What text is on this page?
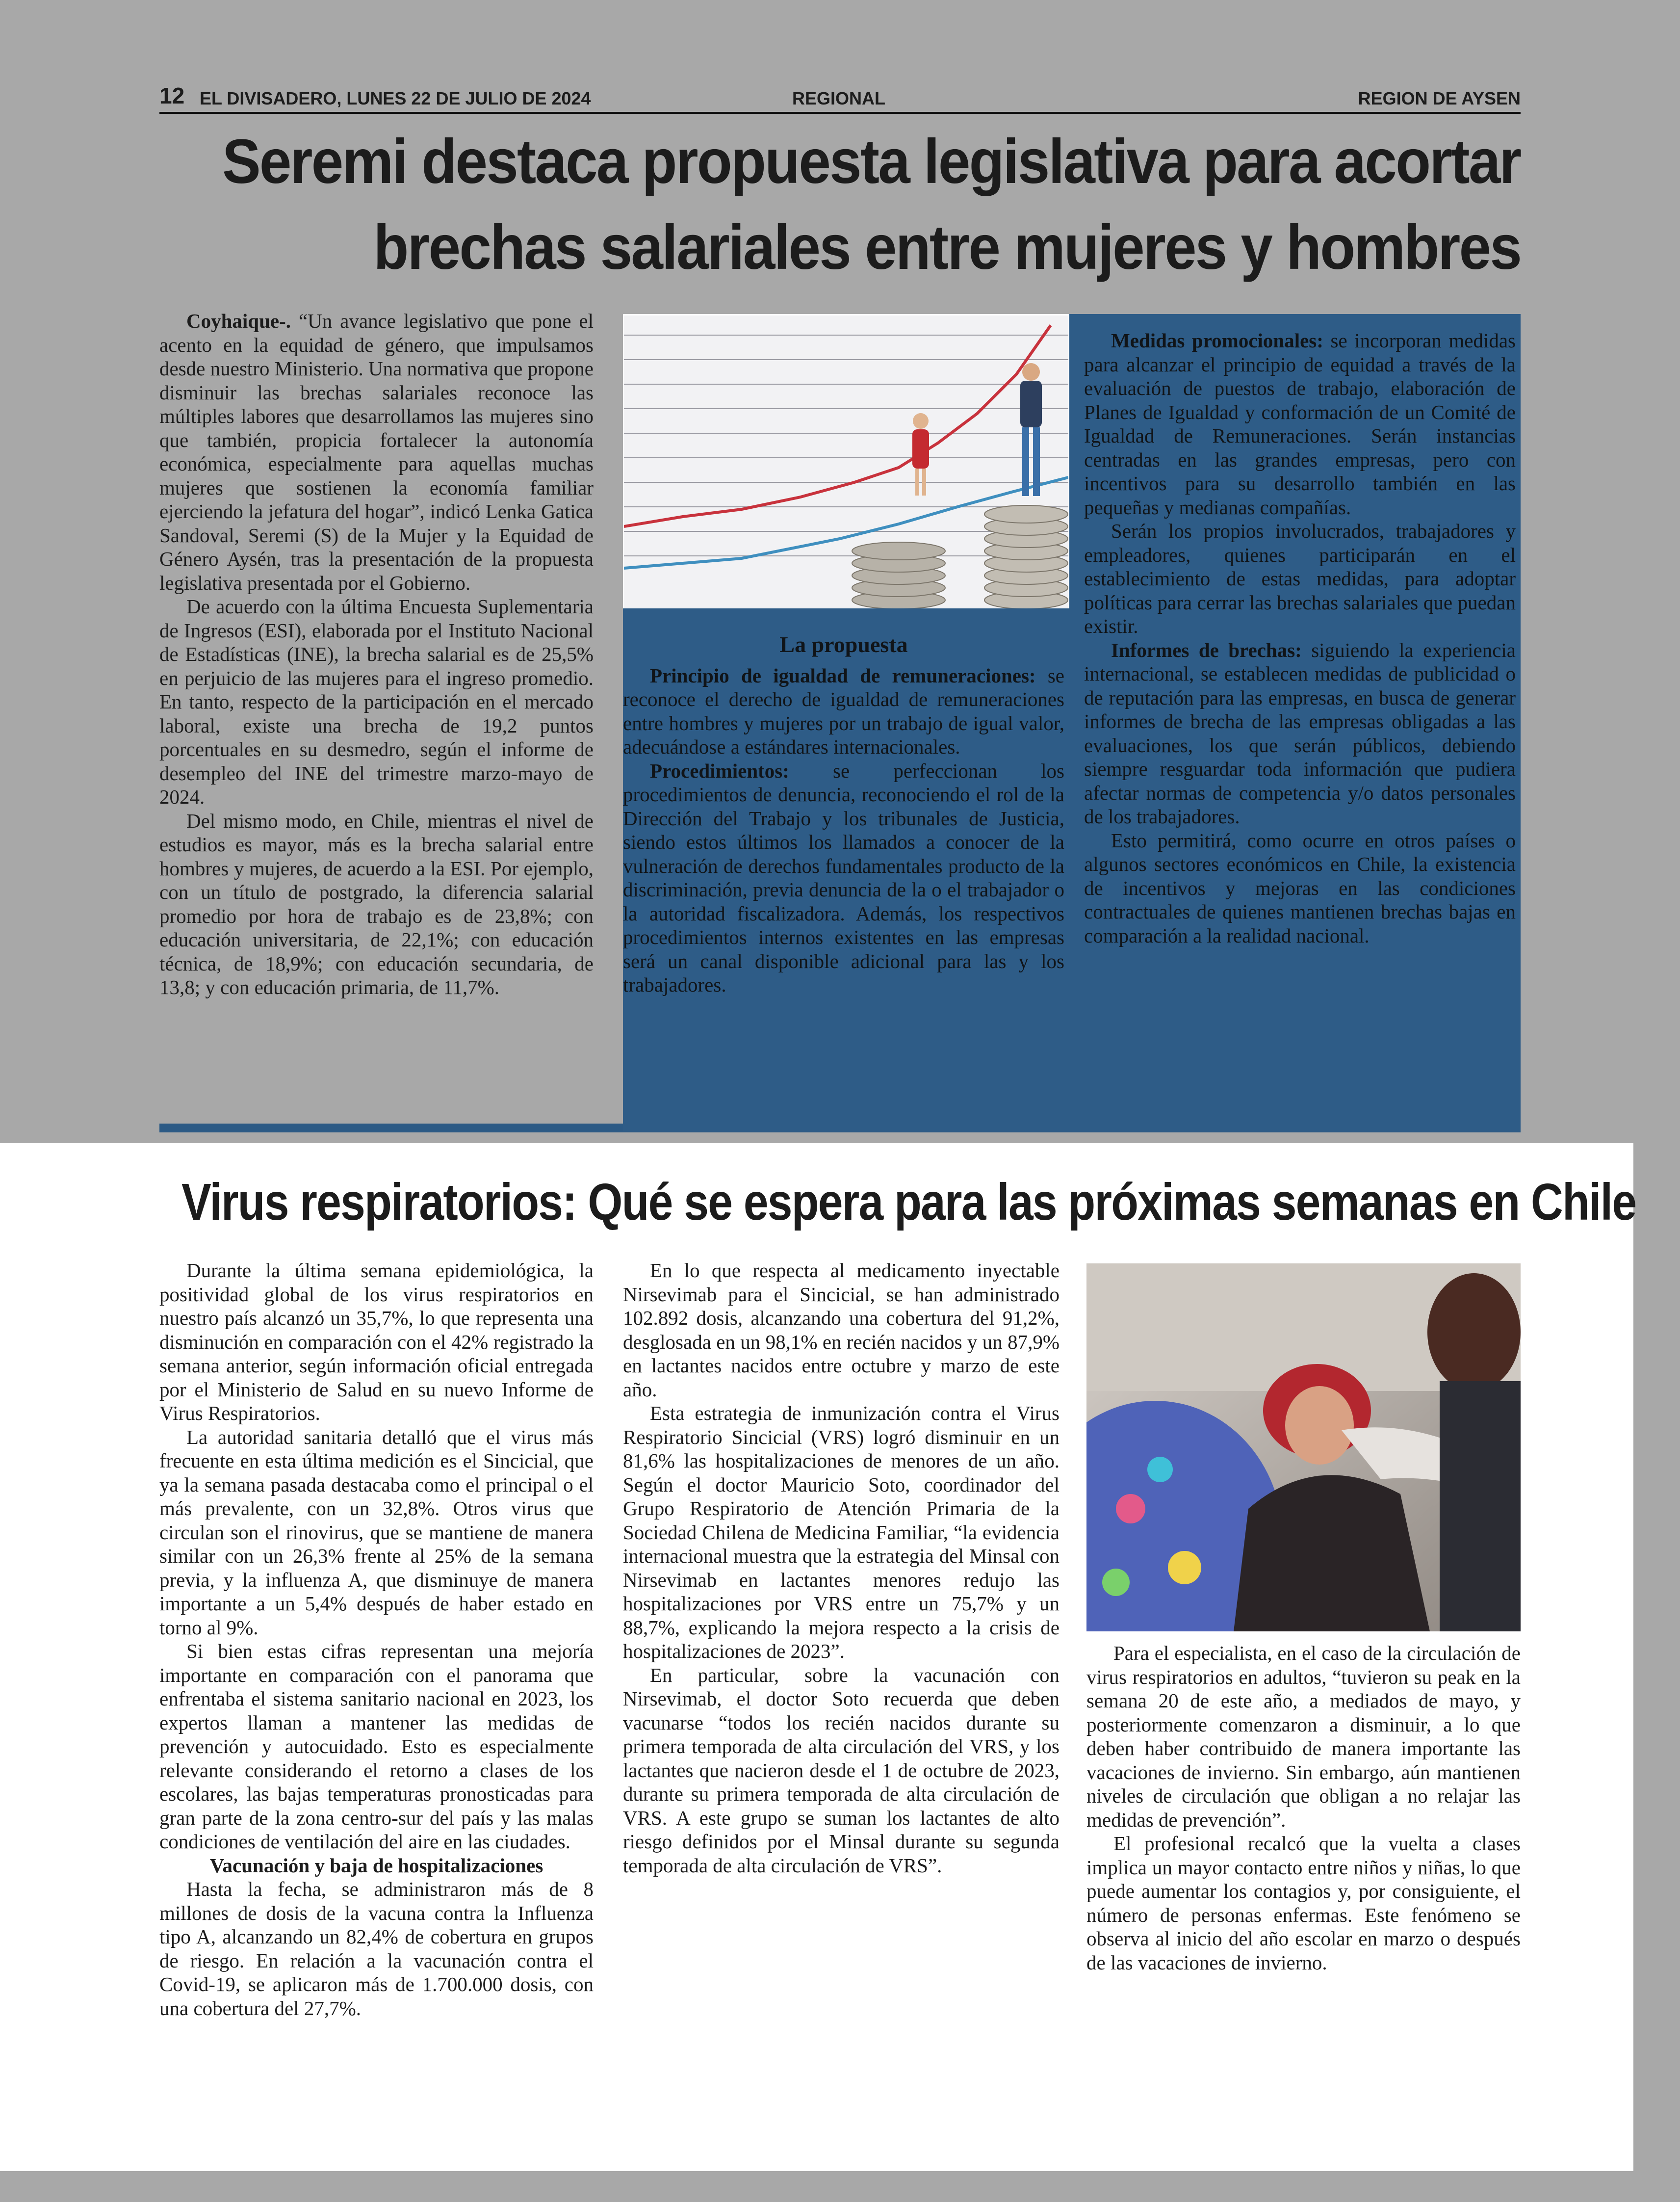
12 EL DIVISADERO, LUNES 22 DE JULIO DE 2024	REGIONAL	REGION DE AYSEN
Seremi destaca propuesta legislativa para acortar
brechas salariales entre mujeres y hombres

Coyhaique-. “Un avance legislativo que pone el acento en la equidad de género, que impulsamos desde nuestro Ministerio. Una normativa que propone disminuir las brechas salariales reconoce las múltiples labores que desarrollamos las mujeres sino que también, propicia fortalecer la autonomía económica, especialmente para aquellas muchas mujeres que sostienen la economía familiar ejerciendo la jefatura del hogar”, indicó Lenka Gatica Sandoval, Seremi (S) de la Mujer y la Equidad de Género Aysén, tras la presentación de la propuesta legislativa presentada por el Gobierno.

De acuerdo con la última Encuesta Suplementaria de Ingresos (ESI), elaborada por el Instituto Nacional de Estadísticas (INE), la brecha salarial es de 25,5% en perjuicio de las mujeres para el ingreso promedio. En tanto, respecto de la participación en el mercado laboral, existe una brecha de 19,2 puntos porcentuales en su desmedro, según el informe de desempleo del INE del trimestre marzo-mayo de 2024.

Del mismo modo, en Chile, mientras el nivel de estudios es mayor, más es la brecha salarial entre hombres y mujeres, de acuerdo a la ESI. Por ejemplo, con un título de postgrado, la diferencia salarial promedio por hora de trabajo es de 23,8%; con educación universitaria, de 22,1%; con educación técnica, de 18,9%; con educación secundaria, de 13,8; y con educación primaria, de 11,7%.

La propuesta

Principio de igualdad de remuneraciones: se reconoce el derecho de igualdad de remuneraciones entre hombres y mujeres por un trabajo de igual valor, adecuándose a estándares internacionales.

Procedimientos: se perfeccionan los procedimientos de denuncia, reconociendo el rol de la Dirección del Trabajo y los tribunales de Justicia, siendo estos últimos los llamados a conocer de la vulneración de derechos fundamentales producto de la discriminación, previa denuncia de la o el trabajador o la autoridad fiscalizadora. Además, los respectivos procedimientos internos existentes en las empresas será un canal disponible adicional para las y los trabajadores.

Medidas promocionales: se incorporan medidas para alcanzar el principio de equidad a través de la evaluación de puestos de trabajo, elaboración de Planes de Igualdad y conformación de un Comité de Igualdad de Remuneraciones. Serán instancias centradas en las grandes empresas, pero con incentivos para su desarrollo también en las pequeñas y medianas compañías.

Serán los propios involucrados, trabajadores y empleadores, quienes participarán en el establecimiento de estas medidas, para adoptar políticas para cerrar las brechas salariales que puedan existir.

Informes de brechas: siguiendo la experiencia internacional, se establecen medidas de publicidad o de reputación para las empresas, en busca de generar informes de brecha de las empresas obligadas a las evaluaciones, los que serán públicos, debiendo siempre resguardar toda información que pudiera afectar normas de competencia y/o datos personales de los trabajadores.

Esto permitirá, como ocurre en otros países o algunos sectores económicos en Chile, la existencia de incentivos y mejoras en las condiciones contractuales de quienes mantienen brechas bajas en comparación a la realidad nacional.

Virus respiratorios: Qué se espera para las próximas semanas en Chile

Durante la última semana epidemiológica, la positividad global de los virus respiratorios en nuestro país alcanzó un 35,7%, lo que representa una disminución en comparación con el 42% registrado la semana anterior, según información oficial entregada por el Ministerio de Salud en su nuevo Informe de Virus Respiratorios.

La autoridad sanitaria detalló que el virus más frecuente en esta última medición es el Sincicial, que ya la semana pasada destacaba como el principal o el más prevalente, con un 32,8%. Otros virus que circulan son el rinovirus, que se mantiene de manera similar con un 26,3% frente al 25% de la semana previa, y la influenza A, que disminuye de manera importante a un 5,4% después de haber estado en torno al 9%.

Si bien estas cifras representan una mejoría importante en comparación con el panorama que enfrentaba el sistema sanitario nacional en 2023, los expertos llaman a mantener las medidas de prevención y autocuidado. Esto es especialmente relevante considerando el retorno a clases de los escolares, las bajas temperaturas pronosticadas para gran parte de la zona centro-sur del país y las malas condiciones de ventilación del aire en las ciudades.

Vacunación y baja de hospitalizaciones

Hasta la fecha, se administraron más de 8 millones de dosis de la vacuna contra la Influenza tipo A, alcanzando un 82,4% de cobertura en grupos de riesgo. En relación a la vacunación contra el Covid-19, se aplicaron más de 1.700.000 dosis, con una cobertura del 27,7%.

En lo que respecta al medicamento inyectable Nirsevimab para el Sincicial, se han administrado 102.892 dosis, alcanzando una cobertura del 91,2%, desglosada en un 98,1% en recién nacidos y un 87,9% en lactantes nacidos entre octubre y marzo de este año.

Esta estrategia de inmunización contra el Virus Respiratorio Sincicial (VRS) logró disminuir en un 81,6% las hospitalizaciones de menores de un año. Según el doctor Mauricio Soto, coordinador del Grupo Respiratorio de Atención Primaria de la Sociedad Chilena de Medicina Familiar, “la evidencia internacional muestra que la estrategia del Minsal con Nirsevimab en lactantes menores redujo las hospitalizaciones por VRS entre un 75,7% y un 88,7%, explicando la mejora respecto a la crisis de hospitalizaciones de 2023”.

En particular, sobre la vacunación con Nirsevimab, el doctor Soto recuerda que deben vacunarse “todos los recién nacidos durante su primera temporada de alta circulación del VRS, y los lactantes que nacieron desde el 1 de octubre de 2023, durante su primera temporada de alta circulación de VRS. A este grupo se suman los lactantes de alto riesgo definidos por el Minsal durante su segunda temporada de alta circulación de VRS”.

Para el especialista, en el caso de la circulación de virus respiratorios en adultos, “tuvieron su peak en la semana 20 de este año, a mediados de mayo, y posteriormente comenzaron a disminuir, a lo que deben haber contribuido de manera importante las vacaciones de invierno. Sin embargo, aún mantienen niveles de circulación que obligan a no relajar las medidas de prevención”.

El profesional recalcó que la vuelta a clases implica un mayor contacto entre niños y niñas, lo que puede aumentar los contagios y, por consiguiente, el número de personas enfermas. Este fenómeno se observa al inicio del año escolar en marzo o después de las vacaciones de invierno.
